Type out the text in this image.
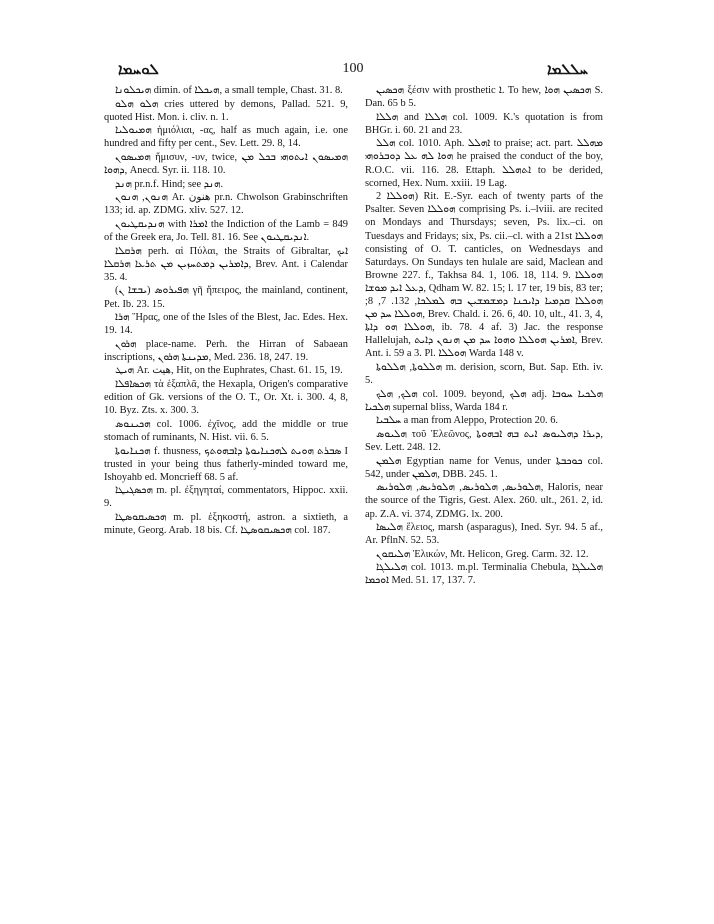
ܠܘܚܡܐ	100	ܚܠܠܡܐ

ܗܝܟܠܘܢܐ dimin. of ܗܝܟܠܐ, a small temple, Chast. 31. 8.

ܗܠܘ ܗܠܘ cries uttered by demons, Pallad. 521. 9, quoted Hist. Mon. i. cliv. n. 1.

ܗܡܝܘܠܝܐ ἡμιόλιαι, -ας, half as much again, i.e. one hundred and fifty per cent., Sev. Lett. 29. 8, 14.

ܗܡܝܣܘܢ ἥμισυν, -υν, twice, ܗܡܝܣܘܢ ܐܝܬܘܗܝ ܒܟܠ ܡܢ ܕܗܘܐ, Anecd. Syr. ii. 118. 10.

ܗܢܕ pr.n.f. Hind; see ܗܢܕ.

ܗܢܘܢ, ܗܢܘܢ Ar. هنون pr.n. Chwolson Grabinschriften 133; id. ap. ZDMG. xliv. 527. 12.

ܗܢܕܝܩܛܝܘܢ with ܐܡܪܐ the Indiction of the Lamb = 849 of the Greek era, Jo. Tell. 81. 16. See ܐܢܕܝܩܛܝܘܢ.

ܗܪܩܠܐ perh. αἱ Πύλαι, the Straits of Gibraltar, ܐܝܟ ܕܐܡܪܝܢ ܕܡܬܚܙܝܢ ܡܢ ܬܪܥܐ ܗܪܩܠܐ, Brev. Ant. i Calendar 35. 4.

ܗܦܝܪܘܣ (ܝܒܫܐ ܢ) γῆ ἤπειρος, the mainland, continent, Pet. Ib. 23. 15.

ܗܪܐ Ἥρας, one of the Isles of the Blest, Jac. Edes. Hex. 19. 14.

ܗܪܘܢ place-name. Perh. the Hirran of Sabaean inscriptions, ܡܕܝܢܬܐ ܗܪܘܢ, Med. 236. 18, 247. 19.

ܗܝܛ Ar. هيت, Hit, on the Euphrates, Chast. 61. 15, 19.

ܗܟܣܐܦܠܐ τὰ ἑξαπλᾶ, the Hexapla, Origen's comparative edition of Gk. versions of the O. T., Or. Xt. i. 300. 4, 8, 10. Byz. Zts. x. 300. 3.

ܗܟܝܢܘܣ col. 1006. ἐχῖνος, add the middle or true stomach of ruminants, N. Hist. vii. 6. 5.

ܗܟܢܐܝܘܬܐ f. thusness, ܣܒܪܬ ܗܘܝܬ ܠܗܟܢܐܝܘܬܐ ܕܐܒܗܘܬܟ I trusted in your being thus fatherly-minded toward me, Ishoyahb ed. Moncrieff 68. 5 af.

ܗܟܣܓܝܛܐ m. pl. ἐξηγηταί, commentators, Hippoc. xxii. 9.

ܗܟܣܝܩܘܣܛܐ m. pl. ἑξηκοστή, astron. a sixtieth, a minute, Georg. Arab. 18 bis. Cf. ܗܟܣܝܩܘܣܛܐ col. 187.

ܗܟܣܝܢ ξέσιν with prosthetic ܐ. To hew, ܗܟܣܝܢ ܗܘܐ S. Dan. 65 b 5.

ܗܠܠܐ and ܗܠܠܐ col. 1009. K.'s quotation is from BHGr. i. 60. 21 and 23.

ܗܠܠ col. 1010. Aph. ܐܗܠܠ to praise; act. part. ܡܗܠܠ ܗܘܐ ܠܗ ܥܠ ܕܘܒܪܘܗܝ he praised the conduct of the boy, R.O.C. vii. 116. 28. Ettaph. ܐܬܗܠܠ to be derided, scorned, Hex. Num. xxiii. 19 Lag.

ܗܘܠܠܐ 2) Rit. E.-Syr. each of twenty parts of the Psalter. Seven ܗܘܠܠܐ comprising Ps. i.–lviii. are recited on Mondays and Thursdays; seven, Ps. lix.–ci. on Tuesdays and Fridays; six, Ps. cii.–cl. with a 21st ܗܘܠܠܐ consisting of O. T. canticles, on Wednesdays and Saturdays. On Sundays ten hulale are said, Maclean and Browne 227. f., Takhsa 84. 1, 106. 18, 114. 9. ܗܘܠܠܐ ܕܥܠ ܐܝܕ ܡܘܫܐ, Qdham W. 82. 15; l. 17 ter, 19 bis, 83 ter; ܗܘܠܠܐ ܩܕܡܝܐ ܕܐܝܟܢܐ ܕܡܫܡܫܝܢ ܒܗ ܠܡܠܟܐ, 132. 7, 8; ܗܘܠܠܐ ܚܕ ܡܢ, Brev. Chald. i. 26. 6, 40. 10, ult., 41. 3, 4, ܗܘܠܠܐ ܗܘ ܕܐܬܐ, ib. 78. 4 af. 3) Jac. the response Hallelujah, ܐܡܪܝܢ ܗܘܠܠܐ ܘܗܘܐ ܚܕ ܡܢ ܗܢܘܢ ܕܐܝܬ, Brev. Ant. i. 59 a 3. Pl. ܗܘܠܠܐ Warda 148 v.

ܗܠܠܘܬܐ, ܗܠܠܘܬܐ m. derision, scorn, But. Sap. Eth. iv. 5.

ܗܠܟ, ܗܠܟ col. 1009. beyond, ܗܠܟ adj. ܗܠܟܝܐ ܚܘܒܐ ܗܠܟܝܐ supernal bliss, Warda 184 r.

ܚܠܒܝܐ a man from Aleppo, Protection 20. 6.

ܗܠܝܘܣ τοῦ Ἐλεῶνος, ܕܝܪܐ ܕܗܠܝܘܣ ܐܝܬ ܒܗ ܐܒܗܘܬܐ, Sev. Lett. 248. 12.

ܗܠܡܢ Egyptian name for Venus, under ܟܘܟܒܬܐ col. 542, under ܗܠܡܢ, DBB. 245. 1.

ܗܠܘܪܝܣ, ܗܠܘܪܝܣ, ܗܠܘܪܝܣ, ܗܠܘܪܝܣ, Haloris, near the source of the Tigris, Gest. Alex. 260. ult., 261. 2, id. ap. Z.A. vi. 374, ZDMG. lx. 200.

ܗܠܝܣܐ ἕλειος, marsh (asparagus), Ined. Syr. 94. 5 af., Ar. PflnN. 52. 53.

ܗܠܝܩܘܢ Ἑλικών, Mt. Helicon, Greg. Carm. 32. 12.

ܗܠܝܠܓܐ col. 1013. m.pl. Terminalia Chebula, ܗܠܝܠܓܐ ܐܘܟܡܐ Med. 51. 17, 137. 7.
